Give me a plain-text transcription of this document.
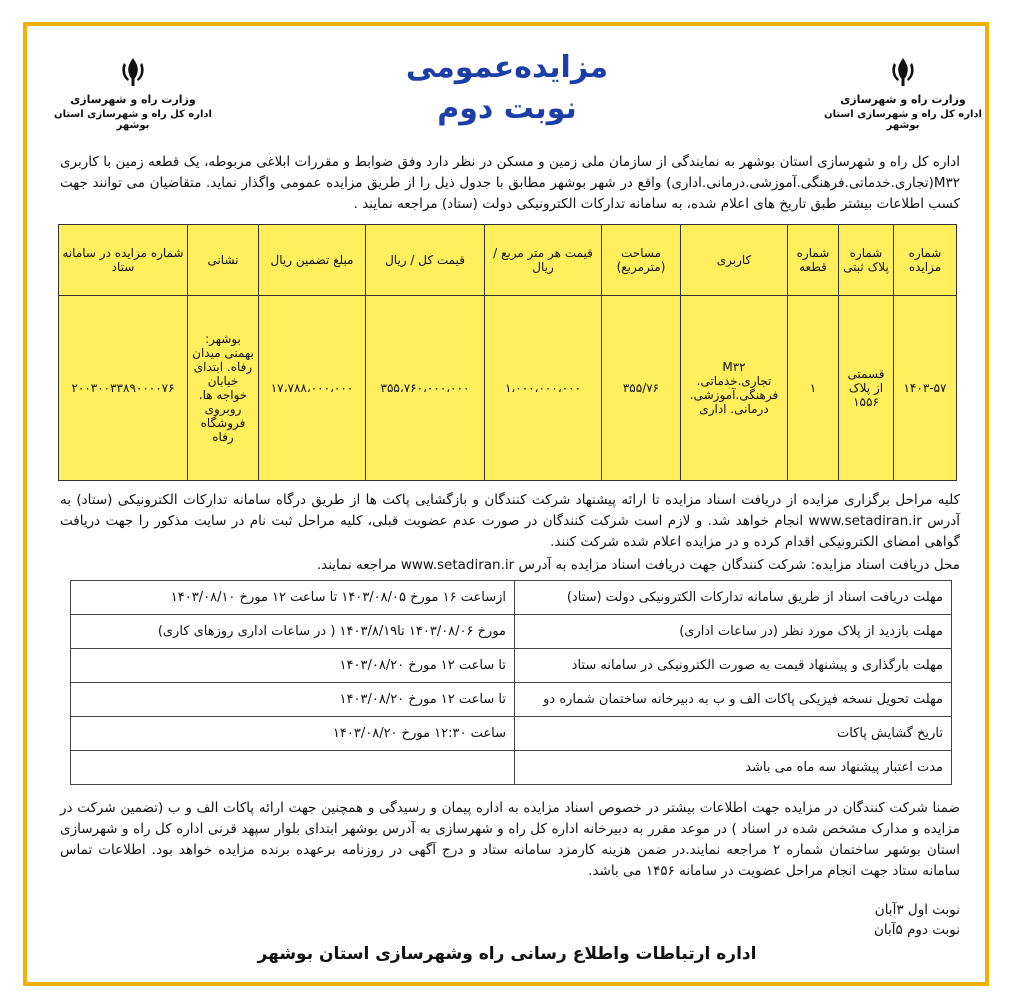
وزارت راه و شهرسازی
اداره کل راه و شهرسازی استان بوشهر
وزارت راه و شهرسازی
اداره کل راه و شهرسازی استان بوشهر
مزایده‌عمومی
نوبت دوم
اداره کل راه و شهرسازی استان بوشهر به نمایندگی از سازمان ملی زمین و مسکن در نظر دارد وفق ضوابط و مقررات ابلاغی مربوطه، یک قطعه زمین با کاربری M۳۲(تجاری.خدماتی.فرهنگی.آموزشی.درمانی.اداری) واقع در شهر بوشهر مطابق با جدول ذیل را از طریق مزایده عمومی واگذار نماید. متقاضیان می توانند جهت کسب اطلاعات بیشتر طبق تاریخ های اعلام شده، به سامانه تدارکات الکترونیکی دولت (ستاد) مراجعه نمایند .
شماره مزایده	شماره پلاک ثبتی	شماره قطعه	کاربری	مساحت (مترمربع)	قیمت هر متر مربع / ریال	قیمت کل / ریال	مبلغ تضمین ریال	نشانی	شماره مزایده در سامانه ستاد
۱۴۰۳-۵۷	قسمتی از پلاک ۱۵۵۶	۱	M۳۲ تجاری.خدماتی. فرهنگی.آموزشی. درمانی. اداری	۳۵۵/۷۶	۱،۰۰۰،۰۰۰،۰۰۰	۳۵۵،۷۶۰،۰۰۰،۰۰۰	۱۷،۷۸۸،۰۰۰،۰۰۰	بوشهر: بهمنی میدان رفاه. ابتدای خیابان خواجه ها. روبروی فروشگاه رفاه	۲۰۰۳۰۰۳۳۸۹۰۰۰۰۷۶
کلیه مراحل برگزاری مزایده از دریافت اسناد مزایده تا ارائه پیشنهاد شرکت کنندگان و بازگشایی پاکت ها از طریق درگاه سامانه تدارکات الکترونیکی (ستاد) به آدرس www.setadiran.ir انجام خواهد شد. و لازم است شرکت کنندگان در صورت عدم عضویت قبلی، کلیه مراحل ثبت نام در سایت مذکور را جهت دریافت گواهی امضای الکترونیکی اقدام کرده و در مزایده اعلام شده شرکت کنند.
محل دریافت اسناد مزایده: شرکت کنندگان جهت دریافت اسناد مزایده به آدرس www.setadiran.ir مراجعه نمایند.
مهلت دریافت اسناد از طریق سامانه تدارکات الکترونیکی دولت (ستاد)	ازساعت ۱۶ مورخ ۱۴۰۳/۰۸/۰۵ تا ساعت ۱۲ مورخ ۱۴۰۳/۰۸/۱۰
مهلت بازدید از پلاک مورد نظر (در ساعات اداری)	مورخ ۱۴۰۳/۰۸/۰۶ تا۱۴۰۳/۸/۱۹ ( در ساعات اداری روزهای کاری)
مهلت بارگذاری و پیشنهاد قیمت به صورت الکترونیکی در سامانه ستاد	تا ساعت ۱۲ مورخ ۱۴۰۳/۰۸/۲۰
مهلت تحویل نسخه فیزیکی پاکات الف و ب به دبیرخانه ساختمان شماره دو	تا ساعت ۱۲ مورخ ۱۴۰۳/۰۸/۲۰
تاریخ گشایش پاکات	ساعت ۱۲:۳۰ مورخ ۱۴۰۳/۰۸/۲۰
مدت اعتبار پیشنهاد سه ماه می باشد	
ضمنا شرکت کنندگان در مزایده جهت اطلاعات بیشتر در خصوص اسناد مزایده به اداره پیمان و رسیدگی و همچنین جهت ارائه پاکات الف و ب (تضمین شرکت در مزایده و مدارک مشخص شده در اسناد ) در موعد مقرر به دبیرخانه اداره کل راه و شهرسازی به آدرس بوشهر ابتدای بلوار سپهد قرنی اداره کل راه و شهرسازی استان بوشهر ساختمان شماره ۲ مراجعه نمایند.در ضمن هزینه کارمزد سامانه ستاد و درج آگهی در روزنامه برعهده برنده مزایده خواهد بود. اطلاعات تماس سامانه ستاد جهت انجام مراحل عضویت در سامانه ۱۴۵۶ می باشد.
نوبت اول ۳آبان
نوبت دوم ۵آبان
اداره ارتباطات واطلاع رسانی راه وشهرسازی استان بوشهر
